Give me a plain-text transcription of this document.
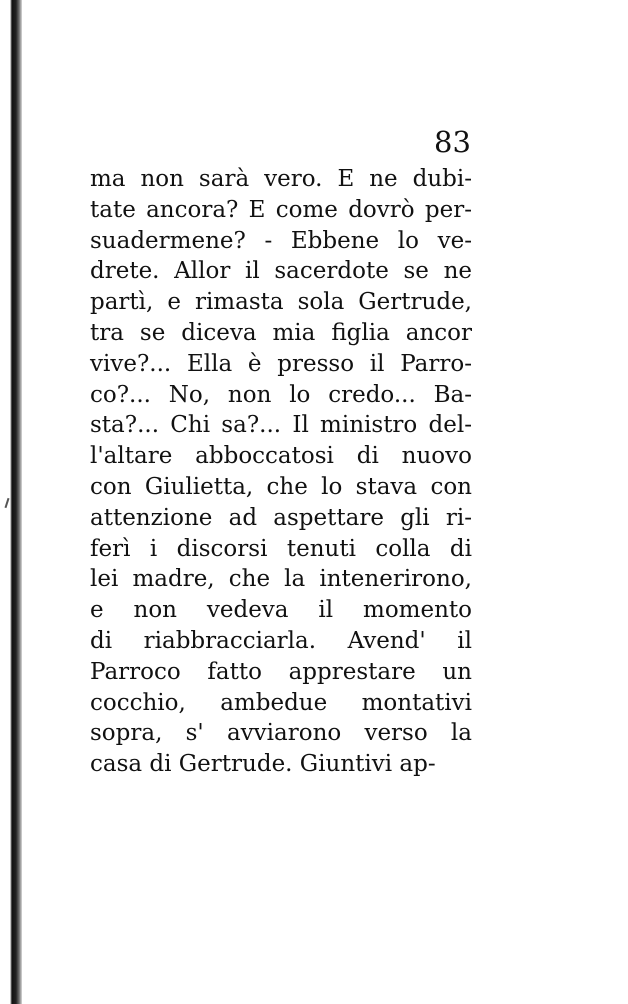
83
ma non sarà vero. E ne dubi-
tate ancora? E come dovrò per-
suadermene? - Ebbene lo ve-
drete. Allor il sacerdote se ne
partì, e rimasta sola Gertrude,
tra se diceva mia figlia ancor
vive?... Ella è presso il Parro-
co?... No, non lo credo... Ba-
sta?... Chi sa?... Il ministro del-
l'altare abboccatosi di nuovo
con Giulietta, che lo stava con
attenzione ad aspettare gli ri-
ferì i discorsi tenuti colla di
lei madre, che la intenerirono,
e non vedeva il momento
di riabbracciarla. Avend' il
Parroco fatto apprestare un
cocchio, ambedue montativi
sopra, s' avviarono verso la
casa di Gertrude. Giuntivi ap-
